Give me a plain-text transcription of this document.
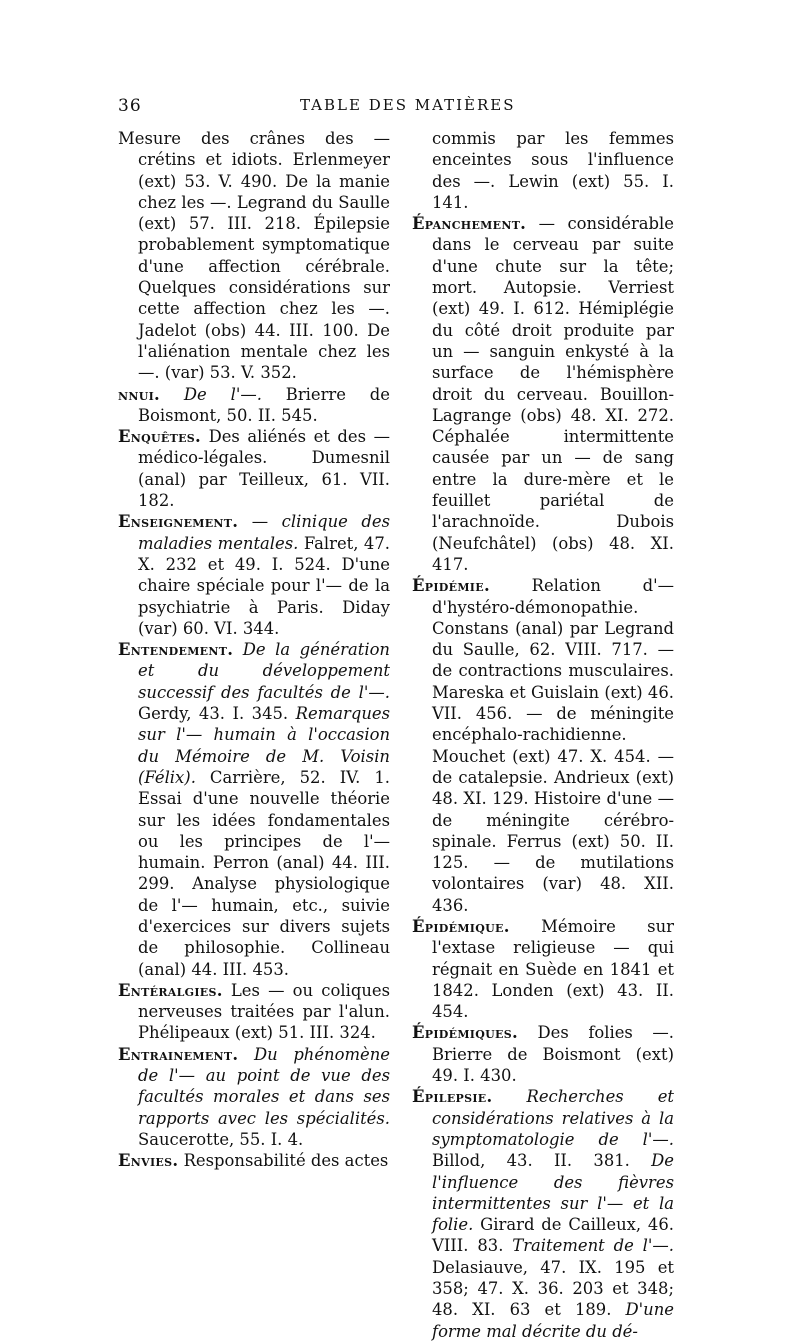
36	TABLE DES MATIÈRES

Mesure des crânes des — crétins et idiots. Erlenmeyer (ext) 53. V. 490. De la manie chez les —. Legrand du Saulle (ext) 57. III. 218. Épilepsie probablement symptomatique d'une affection cérébrale. Quelques considérations sur cette affection chez les —. Jadelot (obs) 44. III. 100. De l'aliénation mentale chez les —. (var) 53. V. 352.

nnui. De l'—. Brierre de Boismont, 50. II. 545.

Enquêtes. Des aliénés et des — médico-légales. Dumesnil (anal) par Teilleux, 61. VII. 182.

Enseignement. — clinique des maladies mentales. Falret, 47. X. 232 et 49. I. 524. D'une chaire spéciale pour l'— de la psychiatrie à Paris. Diday (var) 60. VI. 344.

Entendement. De la génération et du développement successif des facultés de l'—. Gerdy, 43. I. 345. Remarques sur l'— humain à l'occasion du Mémoire de M. Voisin (Félix). Carrière, 52. IV. 1. Essai d'une nouvelle théorie sur les idées fondamentales ou les principes de l'— humain. Perron (anal) 44. III. 299. Analyse physiologique de l'— humain, etc., suivie d'exercices sur divers sujets de philosophie. Collineau (anal) 44. III. 453.

Entéralgies. Les — ou coliques nerveuses traitées par l'alun. Phélipeaux (ext) 51. III. 324.

Entrainement. Du phénomène de l'— au point de vue des facultés morales et dans ses rapports avec les spécialités. Saucerotte, 55. I. 4.

Envies. Responsabilité des actes

commis par les femmes enceintes sous l'influence des —. Lewin (ext) 55. I. 141.

Épanchement. — considérable dans le cerveau par suite d'une chute sur la tête; mort. Autopsie. Verriest (ext) 49. I. 612. Hémiplégie du côté droit produite par un — sanguin enkysté à la surface de l'hémisphère droit du cerveau. Bouillon-Lagrange (obs) 48. XI. 272. Céphalée intermittente causée par un — de sang entre la dure-mère et le feuillet pariétal de l'arachnoïde. Dubois (Neufchâtel) (obs) 48. XI. 417.

Épidémie. Relation d'— d'hystéro-démonopathie. Constans (anal) par Legrand du Saulle, 62. VIII. 717. — de contractions musculaires. Mareska et Guislain (ext) 46. VII. 456. — de méningite encéphalo-rachidienne. Mouchet (ext) 47. X. 454. — de catalepsie. Andrieux (ext) 48. XI. 129. Histoire d'une — de méningite cérébro-spinale. Ferrus (ext) 50. II. 125. — de mutilations volontaires (var) 48. XII. 436.

Épidémique. Mémoire sur l'extase religieuse — qui régnait en Suède en 1841 et 1842. Londen (ext) 43. II. 454.

Épidémiques. Des folies —. Brierre de Boismont (ext) 49. I. 430.

Épilepsie. Recherches et considérations relatives à la symptomatologie de l'—. Billod, 43. II. 381. De l'influence des fièvres intermittentes sur l'— et la folie. Girard de Cailleux, 46. VIII. 83. Traitement de l'—. Delasiauve, 47. IX. 195 et 358; 47. X. 36. 203 et 348; 48. XI. 63 et 189. D'une forme mal décrite du dé-
